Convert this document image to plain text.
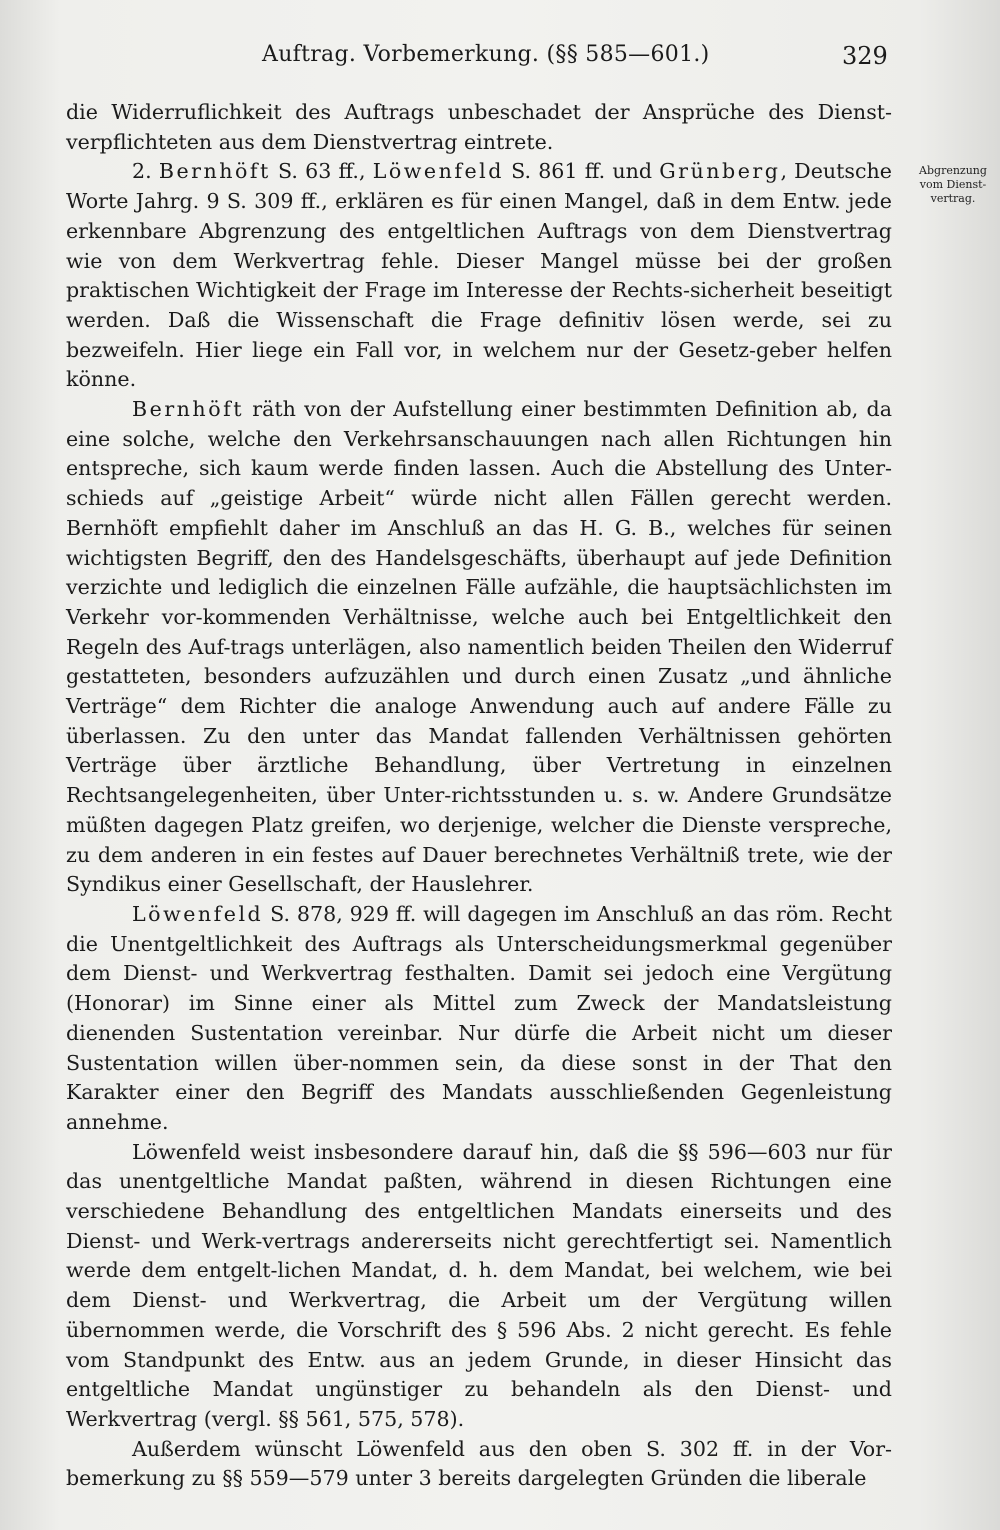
Auftrag. Vorbemerkung. (§§ 585—601.)	329
Abgrenzung vom Dienst- vertrag.

die Widerruflichkeit des Auftrags unbeschadet der Ansprüche des Dienst-verpflichteten aus dem Dienstvertrag eintrete.

2. Bernhöft S. 63 ff., Löwenfeld S. 861 ff. und Grünberg, Deutsche Worte Jahrg. 9 S. 309 ff., erklären es für einen Mangel, daß in dem Entw. jede erkennbare Abgrenzung des entgeltlichen Auftrags von dem Dienstvertrag wie von dem Werkvertrag fehle. Dieser Mangel müsse bei der großen praktischen Wichtigkeit der Frage im Interesse der Rechts-sicherheit beseitigt werden. Daß die Wissenschaft die Frage definitiv lösen werde, sei zu bezweifeln. Hier liege ein Fall vor, in welchem nur der Gesetz-geber helfen könne.

Bernhöft räth von der Aufstellung einer bestimmten Definition ab, da eine solche, welche den Verkehrsanschauungen nach allen Richtungen hin entspreche, sich kaum werde finden lassen. Auch die Abstellung des Unter-schieds auf „geistige Arbeit“ würde nicht allen Fällen gerecht werden. Bernhöft empfiehlt daher im Anschluß an das H. G. B., welches für seinen wichtigsten Begriff, den des Handelsgeschäfts, überhaupt auf jede Definition verzichte und lediglich die einzelnen Fälle aufzähle, die hauptsächlichsten im Verkehr vor-kommenden Verhältnisse, welche auch bei Entgeltlichkeit den Regeln des Auf-trags unterlägen, also namentlich beiden Theilen den Widerruf gestatteten, besonders aufzuzählen und durch einen Zusatz „und ähnliche Verträge“ dem Richter die analoge Anwendung auch auf andere Fälle zu überlassen. Zu den unter das Mandat fallenden Verhältnissen gehörten Verträge über ärztliche Behandlung, über Vertretung in einzelnen Rechtsangelegenheiten, über Unter-richtsstunden u. s. w. Andere Grundsätze müßten dagegen Platz greifen, wo derjenige, welcher die Dienste verspreche, zu dem anderen in ein festes auf Dauer berechnetes Verhältniß trete, wie der Syndikus einer Gesellschaft, der Hauslehrer.

Löwenfeld S. 878, 929 ff. will dagegen im Anschluß an das röm. Recht die Unentgeltlichkeit des Auftrags als Unterscheidungsmerkmal gegenüber dem Dienst- und Werkvertrag festhalten. Damit sei jedoch eine Vergütung (Honorar) im Sinne einer als Mittel zum Zweck der Mandatsleistung dienenden Sustentation vereinbar. Nur dürfe die Arbeit nicht um dieser Sustentation willen über-nommen sein, da diese sonst in der That den Karakter einer den Begriff des Mandats ausschließenden Gegenleistung annehme.

Löwenfeld weist insbesondere darauf hin, daß die §§ 596—603 nur für das unentgeltliche Mandat paßten, während in diesen Richtungen eine verschiedene Behandlung des entgeltlichen Mandats einerseits und des Dienst- und Werk-vertrags andererseits nicht gerechtfertigt sei. Namentlich werde dem entgelt-lichen Mandat, d. h. dem Mandat, bei welchem, wie bei dem Dienst- und Werkvertrag, die Arbeit um der Vergütung willen übernommen werde, die Vorschrift des § 596 Abs. 2 nicht gerecht. Es fehle vom Standpunkt des Entw. aus an jedem Grunde, in dieser Hinsicht das entgeltliche Mandat ungünstiger zu behandeln als den Dienst- und Werkvertrag (vergl. §§ 561, 575, 578).

Außerdem wünscht Löwenfeld aus den oben S. 302 ff. in der Vor-bemerkung zu §§ 559—579 unter 3 bereits dargelegten Gründen die liberale
